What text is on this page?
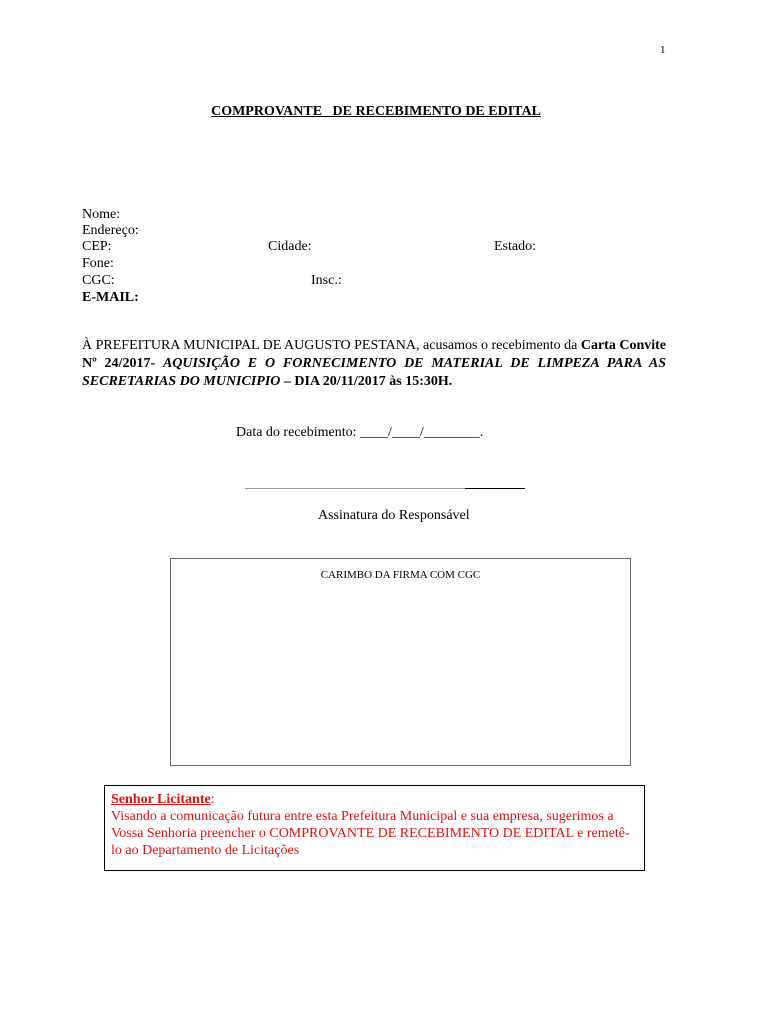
1
COMPROVANTE   DE RECEBIMENTO DE EDITAL
Nome:
Endereço:
CEP:	Cidade:	Estado:
Fone:
CGC:	Insc.:
E-MAIL:
À PREFEITURA MUNICIPAL DE AUGUSTO PESTANA, acusamos o recebimento da Carta Convite Nº 24/2017- AQUISIÇÃO E O FORNECIMENTO DE MATERIAL DE LIMPEZA PARA AS SECRETARIAS DO MUNICIPIO – DIA 20/11/2017 às 15:30H.
Data do recebimento: ____/____/________.
Assinatura do Responsável
CARIMBO DA FIRMA COM CGC
Senhor Licitante:
Visando a comunicação futura entre esta Prefeitura Municipal e sua empresa, sugerimos a Vossa Senhoria preencher o COMPROVANTE DE RECEBIMENTO DE EDITAL e remetê-lo ao Departamento de Licitações
